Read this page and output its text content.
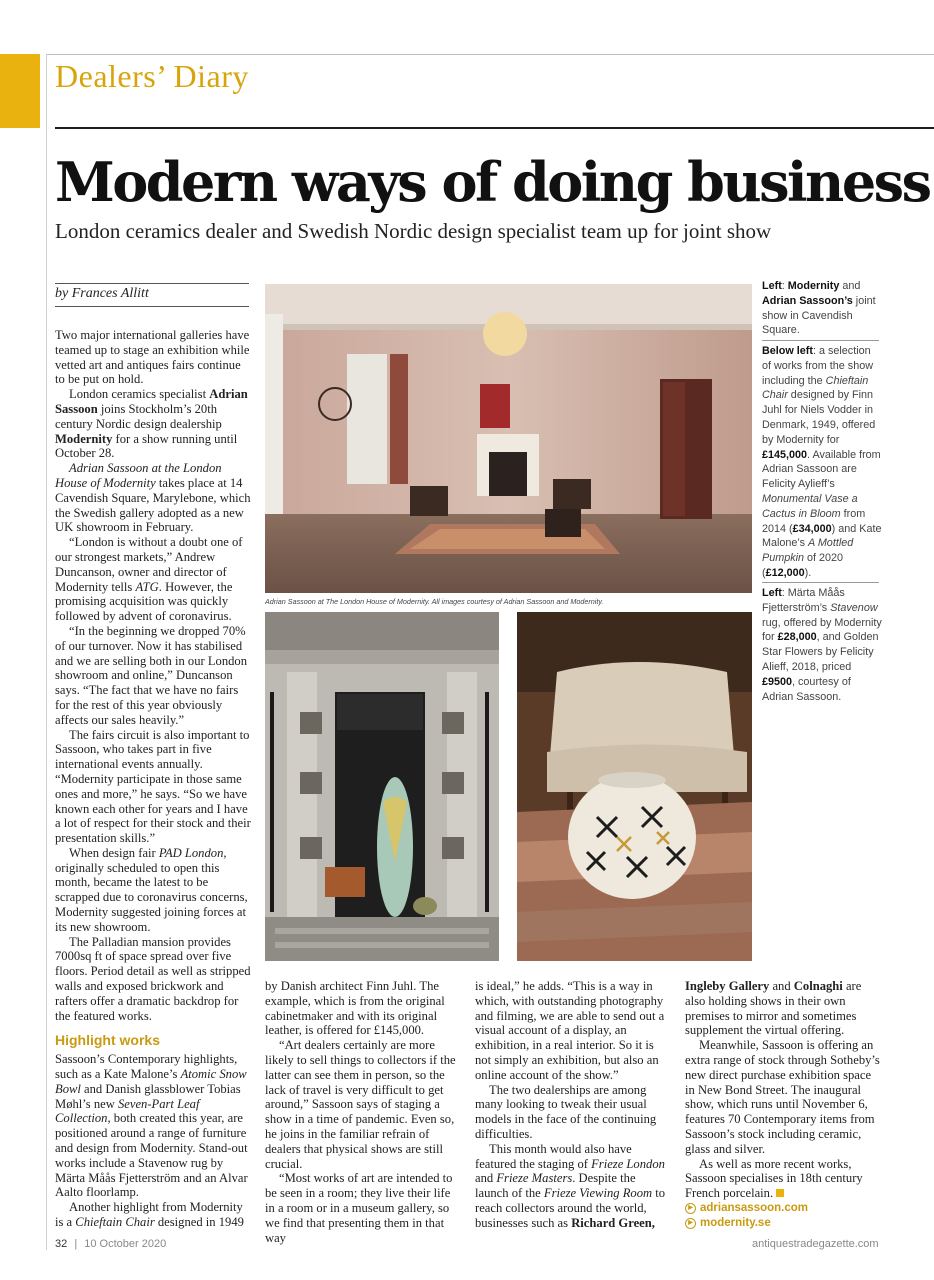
Dealers’ Diary
Modern ways of doing business
London ceramics dealer and Swedish Nordic design specialist team up for joint show
by Frances Allitt

Two major international galleries have teamed up to stage an exhibition while vetted art and antiques fairs continue to be put on hold.

London ceramics specialist Adrian Sassoon joins Stockholm’s 20th century Nordic design dealership Modernity for a show running until October 28.

Adrian Sassoon at the London House of Modernity takes place at 14 Cavendish Square, Marylebone, which the Swedish gallery adopted as a new UK showroom in February.

“London is without a doubt one of our strongest markets,” Andrew Duncanson, owner and director of Modernity tells ATG. However, the promising acquisition was quickly followed by advent of coronavirus.

“In the beginning we dropped 70% of our turnover. Now it has stabilised and we are selling both in our London showroom and online,” Duncanson says. “The fact that we have no fairs for the rest of this year obviously affects our sales heavily.”

The fairs circuit is also important to Sassoon, who takes part in five international events annually. “Modernity participate in those same ones and more,” he says. “So we have known each other for years and I have a lot of respect for their stock and their presentation skills.”

When design fair PAD London, originally scheduled to open this month, became the latest to be scrapped due to coronavirus concerns, Modernity suggested joining forces at its new showroom.

The Palladian mansion provides 7000sq ft of space spread over five floors. Period detail as well as stripped walls and exposed brickwork and rafters offer a dramatic backdrop for the featured works.

Highlight works

Sassoon’s Contemporary highlights, such as a Kate Malone’s Atomic Snow Bowl and Danish glassblower Tobias Møhl’s new Seven-Part Leaf Collection, both created this year, are positioned around a range of furniture and design from Modernity. Stand-out works include a Stavenow rug by Märta Måås Fjetterström and an Alvar Aalto floorlamp.

Another highlight from Modernity is a Chieftain Chair designed in 1949

Adrian Sassoon at The London House of Modernity. All images courtesy of Adrian Sassoon and Modernity.
Left: Modernity and Adrian Sassoon’s joint show in Cavendish Square.
Below left: a selection of works from the show including the Chieftain Chair designed by Finn Juhl for Niels Vodder in Denmark, 1949, offered by Modernity for £145,000. Available from Adrian Sassoon are Felicity Aylieff’s Monumental Vase a Cactus in Bloom from 2014 (£34,000) and Kate Malone’s A Mottled Pumpkin of 2020 (£12,000).
Left: Märta Måås Fjetterström’s Stavenow rug, offered by Modernity for £28,000, and Golden Star Flowers by Felicity Alieff, 2018, priced £9500, courtesy of Adrian Sassoon.

by Danish architect Finn Juhl. The example, which is from the original cabinetmaker and with its original leather, is offered for £145,000.

“Art dealers certainly are more likely to sell things to collectors if the latter can see them in person, so the lack of travel is very difficult to get around,” Sassoon says of staging a show in a time of pandemic. Even so, he joins in the familiar refrain of dealers that physical shows are still crucial.

“Most works of art are intended to be seen in a room; they live their life in a room or in a museum gallery, so we find that presenting them in that way

is ideal,” he adds. “This is a way in which, with outstanding photography and filming, we are able to send out a visual account of a display, an exhibition, in a real interior. So it is not simply an exhibition, but also an online account of the show.”

The two dealerships are among many looking to tweak their usual models in the face of the continuing difficulties.

This month would also have featured the staging of Frieze London and Frieze Masters. Despite the launch of the Frieze Viewing Room to reach collectors around the world, businesses such as Richard Green,

Ingleby Gallery and Colnaghi are also holding shows in their own premises to mirror and sometimes supplement the virtual offering.

Meanwhile, Sassoon is offering an extra range of stock through Sotheby’s new direct purchase exhibition space in New Bond Street. The inaugural show, which runs until November 6, features 70 Contemporary items from Sassoon’s stock including ceramic, glass and silver.

As well as more recent works, Sassoon specialises in 18th century French porcelain.

▶ adriansassoon.com
▶ modernity.se
32 | 10 October 2020	antiquestradegazette.com
